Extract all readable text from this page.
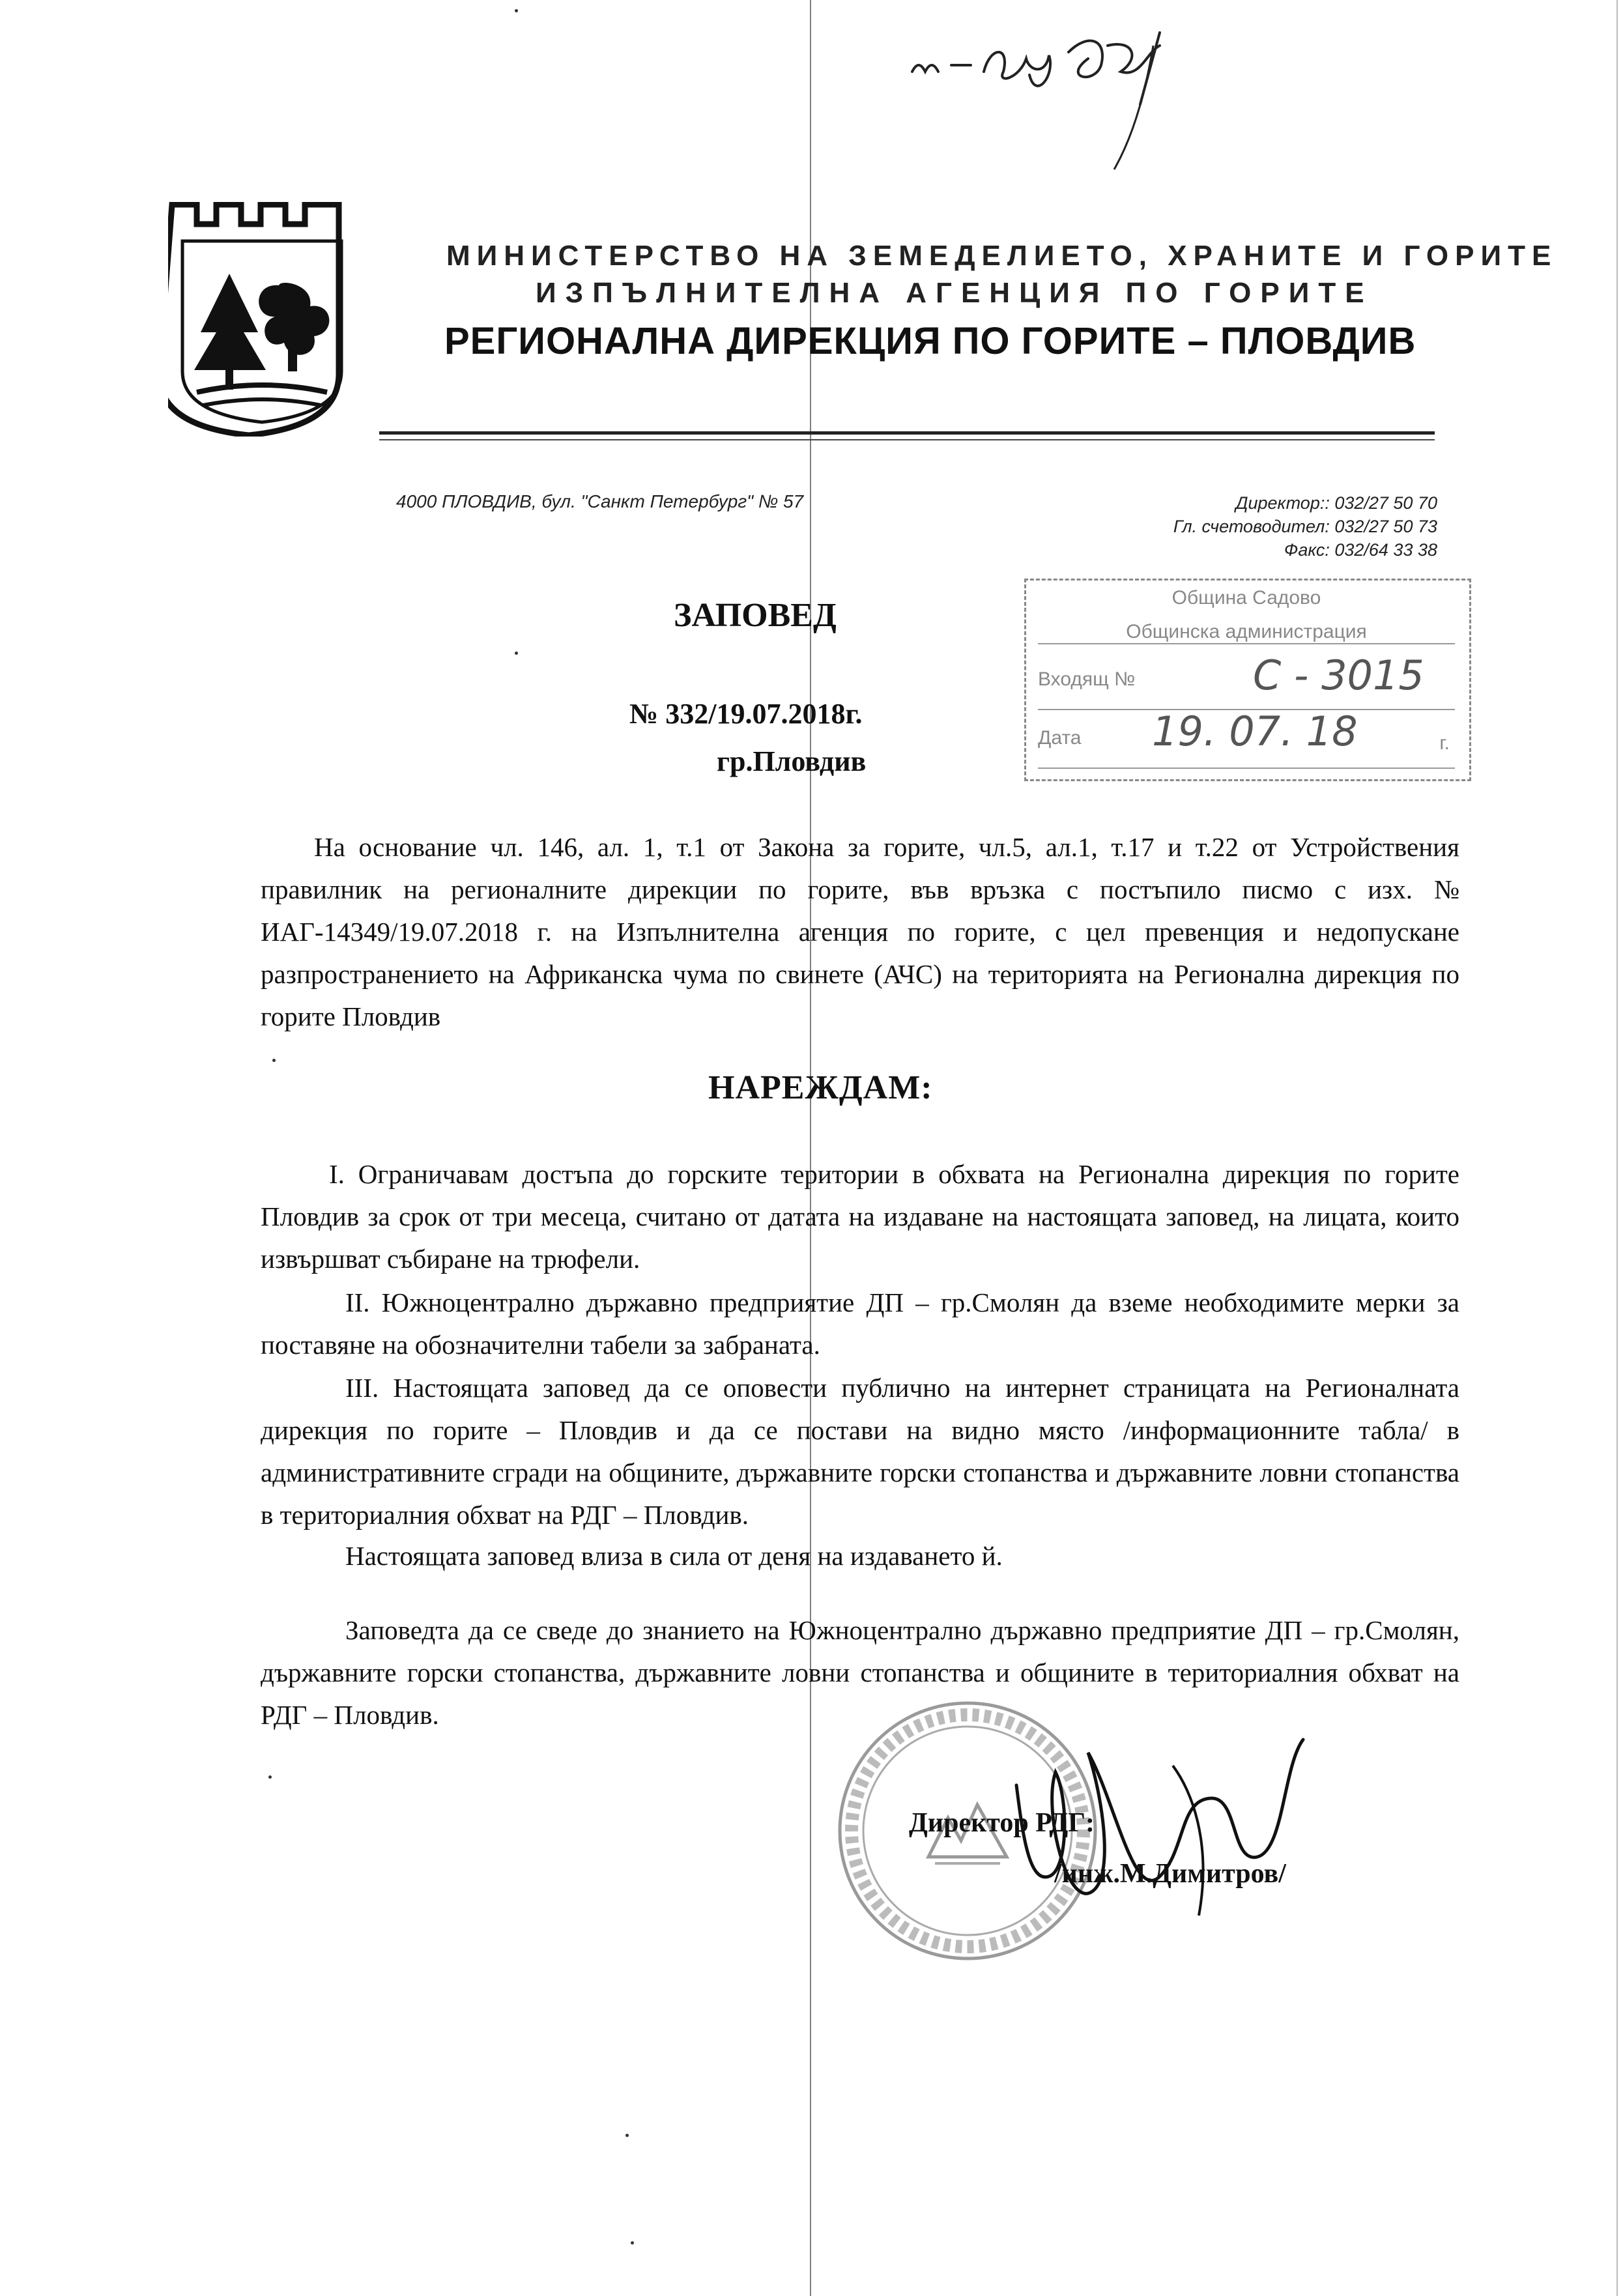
МИНИСТЕРСТВО НА ЗЕМЕДЕЛИЕТО, ХРАНИТЕ И ГОРИТЕ
ИЗПЪЛНИТЕЛНА АГЕНЦИЯ ПО ГОРИТЕ
РЕГИОНАЛНА ДИРЕКЦИЯ ПО ГОРИТЕ – ПЛОВДИВ
4000 ПЛОВДИВ, бул. "Санкт Петербург" № 57	Директор:: 032/27 50 70
Гл. счетоводител: 032/27 50 73
Факс: 032/64 33 38
Община Садово
Общинска администрация
Входящ №	С - 3015
Дата 19. 07. 18	г.
ЗАПОВЕД
№ 332/19.07.2018г.
гр.Пловдив
На основание чл. 146, ал. 1, т.1 от Закона за горите, чл.5, ал.1, т.17 и т.22 от Устройствения правилник на регионалните дирекции по горите, във връзка с постъпило писмо с изх. № ИАГ-14349/19.07.2018 г. на Изпълнителна агенция по горите, с цел превенция и недопускане разпространението на Африканска чума по свинете (АЧС) на територията на Регионална дирекция по горите Пловдив
НАРЕЖДАМ:
I. Ограничавам достъпа до горските територии в обхвата на Регионална дирекция по горите Пловдив за срок от три месеца, считано от датата на издаване на настоящата заповед, на лицата, които извършват събиране на трюфели.
II. Южноцентрално държавно предприятие ДП – гр.Смолян да вземе необходимите мерки за поставяне на обозначителни табели за забраната.
III. Настоящата заповед да се оповести публично на интернет страницата на Регионалната дирекция по горите – Пловдив и да се постави на видно място /информационните табла/ в административните сгради на общините, държавните горски стопанства и държавните ловни стопанства в териториалния обхват на РДГ – Пловдив.
Настоящата заповед влиза в сила от деня на издаването й.
Заповедта да се сведе до знанието на Южноцентрално държавно предприятие ДП – гр.Смолян, държавните горски стопанства, държавните ловни стопанства и общините в териториалния обхват на РДГ – Пловдив.
Директор РДГ:
/инж.М.Димитров/
